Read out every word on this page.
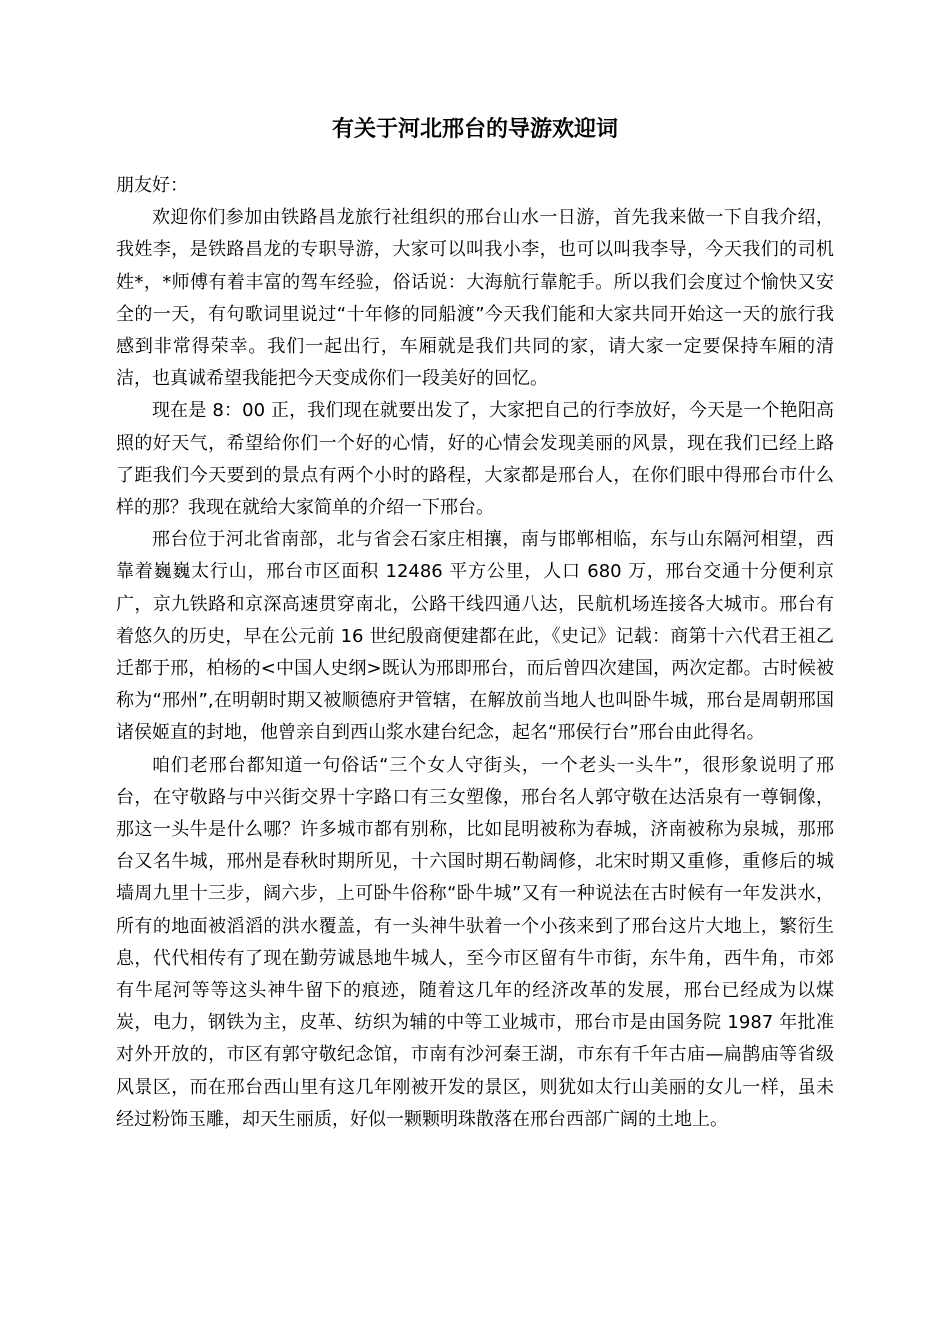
有关于河北邢台的导游欢迎词

朋友好：

欢迎你们参加由铁路昌龙旅行社组织的邢台山水一日游，首先我来做一下自我介绍，我姓李，是铁路昌龙的专职导游，大家可以叫我小李，也可以叫我李导，今天我们的司机姓*，*师傅有着丰富的驾车经验，俗话说：大海航行靠舵手。所以我们会度过个愉快又安全的一天，有句歌词里说过“十年修的同船渡”今天我们能和大家共同开始这一天的旅行我感到非常得荣幸。我们一起出行，车厢就是我们共同的家，请大家一定要保持车厢的清洁，也真诚希望我能把今天变成你们一段美好的回忆。

现在是 8：00 正，我们现在就要出发了，大家把自己的行李放好，今天是一个艳阳高照的好天气，希望给你们一个好的心情，好的心情会发现美丽的风景，现在我们已经上路了距我们今天要到的景点有两个小时的路程，大家都是邢台人，在你们眼中得邢台市什么样的那？我现在就给大家简单的介绍一下邢台。

邢台位于河北省南部，北与省会石家庄相攘，南与邯郸相临，东与山东隔河相望，西靠着巍巍太行山，邢台市区面积 12486 平方公里，人口 680 万，邢台交通十分便利京广，京九铁路和京深高速贯穿南北，公路干线四通八达，民航机场连接各大城市。邢台有着悠久的历史，早在公元前 16 世纪殷商便建都在此，《史记》记载：商第十六代君王祖乙迁都于邢，柏杨的<中国人史纲>既认为邢即邢台，而后曾四次建国，两次定都。古时候被称为“邢州”,在明朝时期又被顺德府尹管辖，在解放前当地人也叫卧牛城，邢台是周朝邢国诸侯姬直的封地，他曾亲自到西山浆水建台纪念，起名“邢侯行台”邢台由此得名。

咱们老邢台都知道一句俗话“三个女人守街头，一个老头一头牛”，很形象说明了邢台，在守敬路与中兴街交界十字路口有三女塑像，邢台名人郭守敬在达活泉有一尊铜像，那这一头牛是什么哪？许多城市都有别称，比如昆明被称为春城，济南被称为泉城，那邢台又名牛城，邢州是春秋时期所见，十六国时期石勒阔修，北宋时期又重修，重修后的城墙周九里十三步，阔六步，上可卧牛俗称“卧牛城”又有一种说法在古时候有一年发洪水，所有的地面被滔滔的洪水覆盖，有一头神牛驮着一个小孩来到了邢台这片大地上，繁衍生息，代代相传有了现在勤劳诚恳地牛城人，至今市区留有牛市街，东牛角，西牛角，市郊有牛尾河等等这头神牛留下的痕迹，随着这几年的经济改革的发展，邢台已经成为以煤炭，电力，钢铁为主，皮革、纺织为辅的中等工业城市，邢台市是由国务院 1987 年批准对外开放的，市区有郭守敬纪念馆，市南有沙河秦王湖，市东有千年古庙—扁鹊庙等省级风景区，而在邢台西山里有这几年刚被开发的景区，则犹如太行山美丽的女儿一样，虽未经过粉饰玉雕，却天生丽质，好似一颗颗明珠散落在邢台西部广阔的土地上。
